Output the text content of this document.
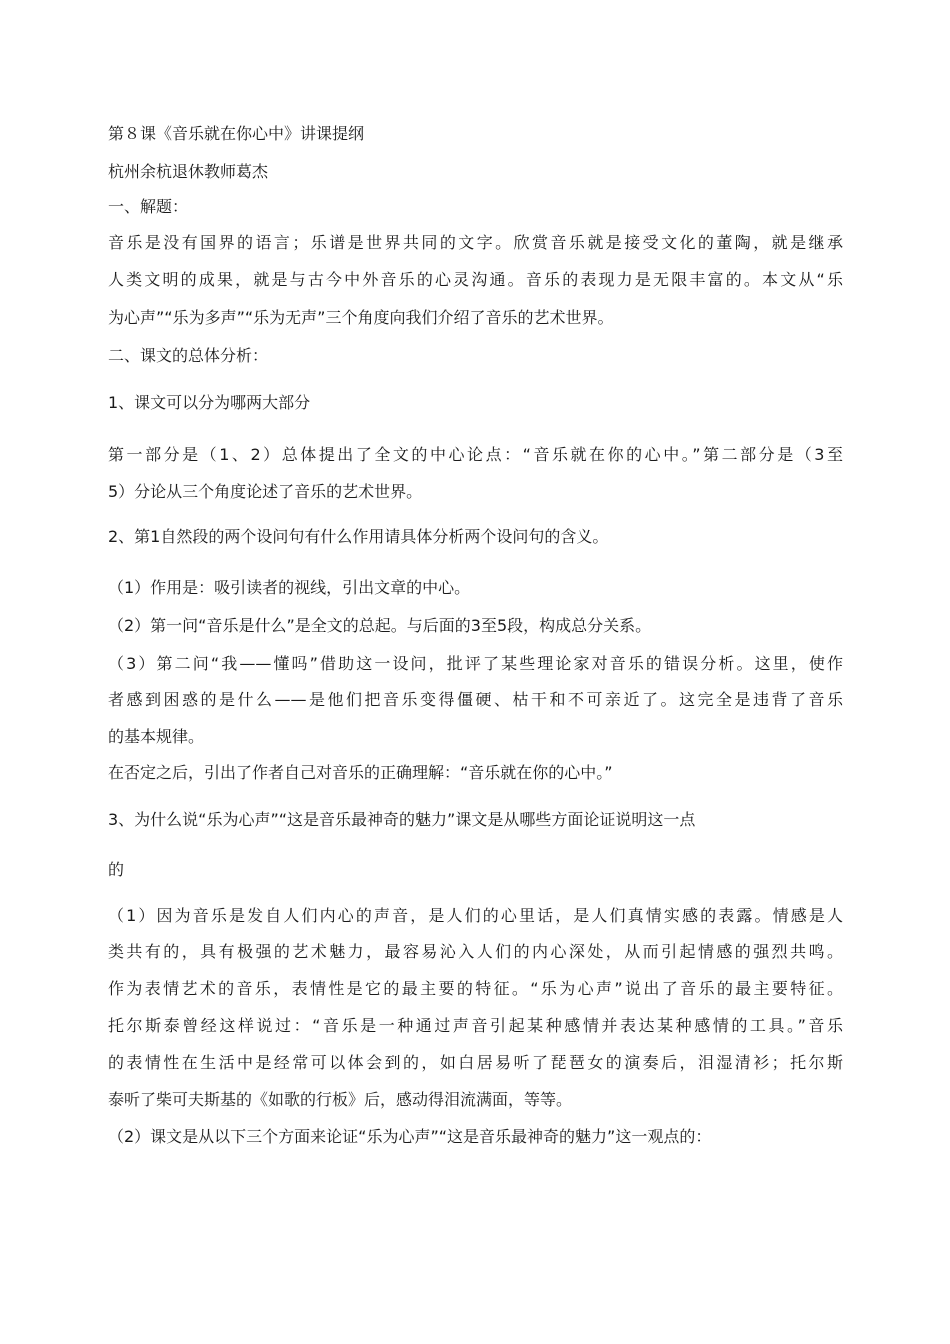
第８课《音乐就在你心中》讲课提纲
杭州余杭退休教师葛杰
一、解题：
音乐是没有国界的语言；乐谱是世界共同的文字。欣赏音乐就是接受文化的董陶，就是继承
人类文明的成果，就是与古今中外音乐的心灵沟通。音乐的表现力是无限丰富的。本文从“乐
为心声”“乐为多声”“乐为无声”三个角度向我们介绍了音乐的艺术世界。
二、课文的总体分析：
1、课文可以分为哪两大部分
第一部分是（1、2）总体提出了全文的中心论点：“音乐就在你的心中。”第二部分是（3至
5）分论从三个角度论述了音乐的艺术世界。
2、第1自然段的两个设问句有什么作用请具体分析两个设问句的含义。
（1）作用是：吸引读者的视线，引出文章的中心。
（2）第一问“音乐是什么”是全文的总起。与后面的3至5段，构成总分关系。
（3）第二问“我——懂吗”借助这一设问，批评了某些理论家对音乐的错误分析。这里，使作
者感到困惑的是什么——是他们把音乐变得僵硬、枯干和不可亲近了。这完全是违背了音乐
的基本规律。
在否定之后，引出了作者自己对音乐的正确理解：“音乐就在你的心中。”
3、为什么说“乐为心声”“这是音乐最神奇的魅力”课文是从哪些方面论证说明这一点
的
（1）因为音乐是发自人们内心的声音，是人们的心里话，是人们真情实感的表露。情感是人
类共有的，具有极强的艺术魅力，最容易沁入人们的内心深处，从而引起情感的强烈共鸣。
作为表情艺术的音乐，表情性是它的最主要的特征。“乐为心声”说出了音乐的最主要特征。
托尔斯泰曾经这样说过：“音乐是一种通过声音引起某种感情并表达某种感情的工具。”音乐
的表情性在生活中是经常可以体会到的，如白居易听了琵琶女的演奏后，泪湿清衫；托尔斯
泰听了柴可夫斯基的《如歌的行板》后，感动得泪流满面，等等。
（2）课文是从以下三个方面来论证“乐为心声”“这是音乐最神奇的魅力”这一观点的：
